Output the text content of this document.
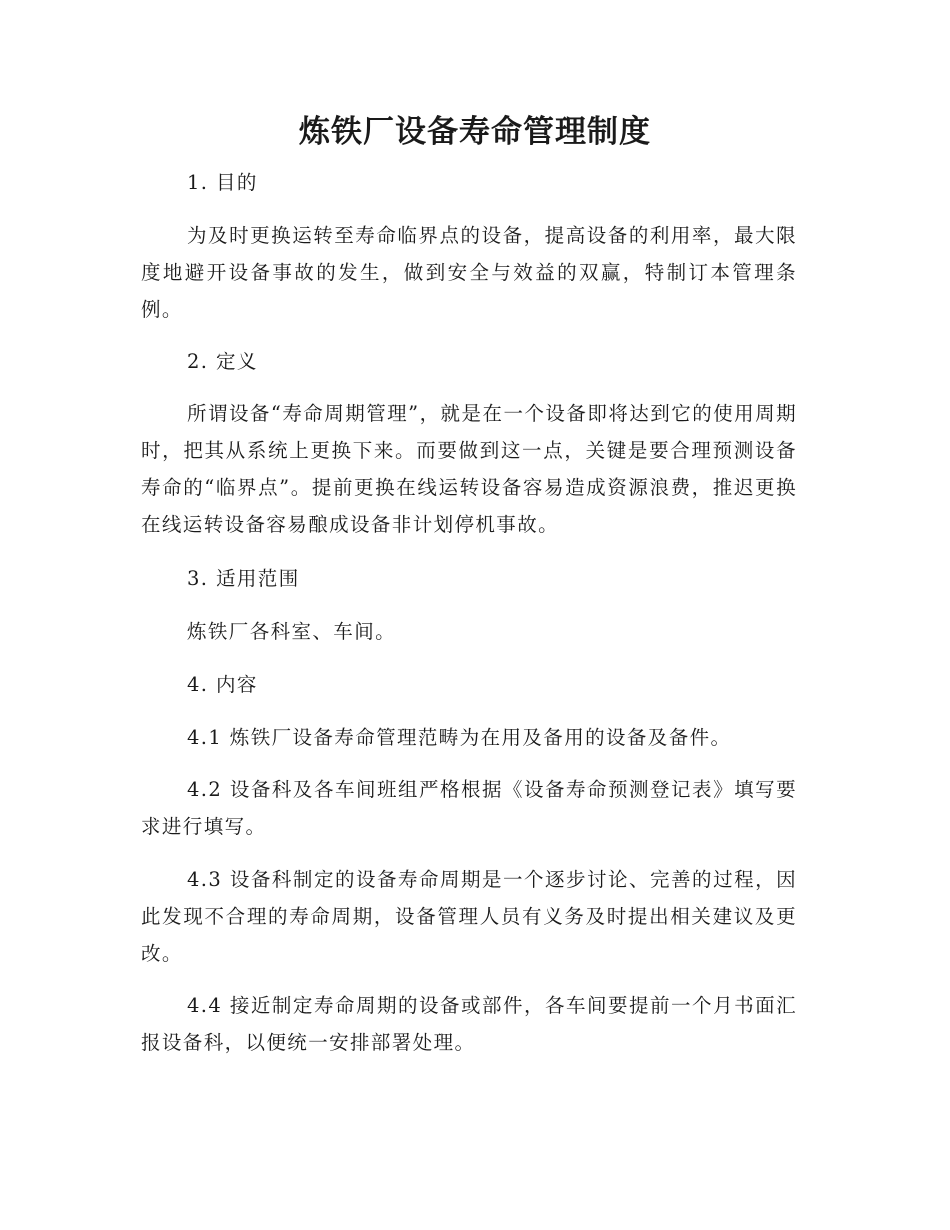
炼铁厂设备寿命管理制度

1. 目的

为及时更换运转至寿命临界点的设备，提高设备的利用率，最大限度地避开设备事故的发生，做到安全与效益的双赢，特制订本管理条例。

2. 定义

所谓设备“寿命周期管理”，就是在一个设备即将达到它的使用周期时，把其从系统上更换下来。而要做到这一点，关键是要合理预测设备寿命的“临界点”。提前更换在线运转设备容易造成资源浪费，推迟更换在线运转设备容易酿成设备非计划停机事故。

3. 适用范围

炼铁厂各科室、车间。

4. 内容

4.1 炼铁厂设备寿命管理范畴为在用及备用的设备及备件。

4.2 设备科及各车间班组严格根据《设备寿命预测登记表》填写要求进行填写。

4.3 设备科制定的设备寿命周期是一个逐步讨论、完善的过程，因此发现不合理的寿命周期，设备管理人员有义务及时提出相关建议及更改。

4.4 接近制定寿命周期的设备或部件，各车间要提前一个月书面汇报设备科，以便统一安排部署处理。
